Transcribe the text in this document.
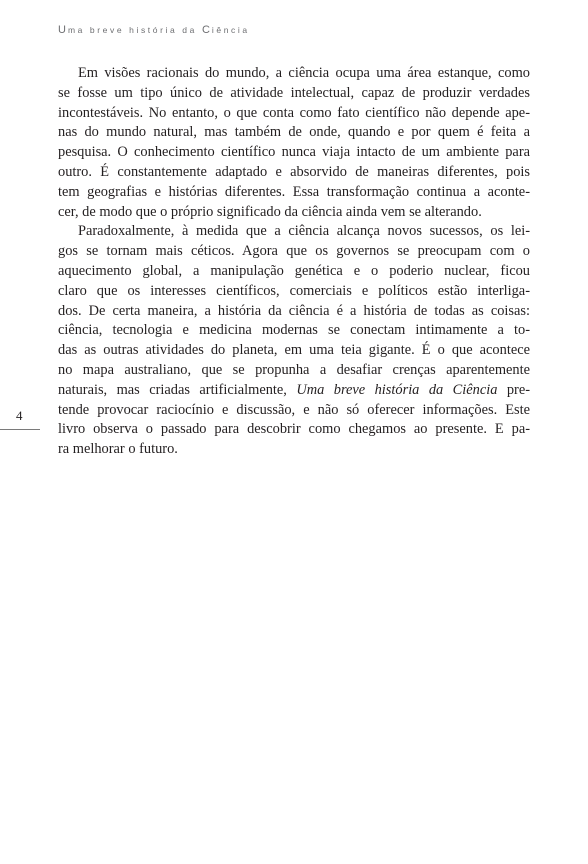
Uma breve história da Ciência
4

Em visões racionais do mundo, a ciência ocupa uma área estanque, como
se fosse um tipo único de atividade intelectual, capaz de produzir verdades
incontestáveis. No entanto, o que conta como fato científico não depende ape-
nas do mundo natural, mas também de onde, quando e por quem é feita a
pesquisa. O conhecimento científico nunca viaja intacto de um ambiente para
outro. É constantemente adaptado e absorvido de maneiras diferentes, pois
tem geografias e histórias diferentes. Essa transformação continua a aconte-
cer, de modo que o próprio significado da ciência ainda vem se alterando.

Paradoxalmente, à medida que a ciência alcança novos sucessos, os lei-
gos se tornam mais céticos. Agora que os governos se preocupam com o
aquecimento global, a manipulação genética e o poderio nuclear, ficou
claro que os interesses científicos, comerciais e políticos estão interliga-
dos. De certa maneira, a história da ciência é a história de todas as coisas:
ciência, tecnologia e medicina modernas se conectam intimamente a to-
das as outras atividades do planeta, em uma teia gigante. É o que acontece
no mapa australiano, que se propunha a desafiar crenças aparentemente
naturais, mas criadas artificialmente, Uma breve história da Ciência pre-
tende provocar raciocínio e discussão, e não só oferecer informações. Este
livro observa o passado para descobrir como chegamos ao presente. E pa-
ra melhorar o futuro.
